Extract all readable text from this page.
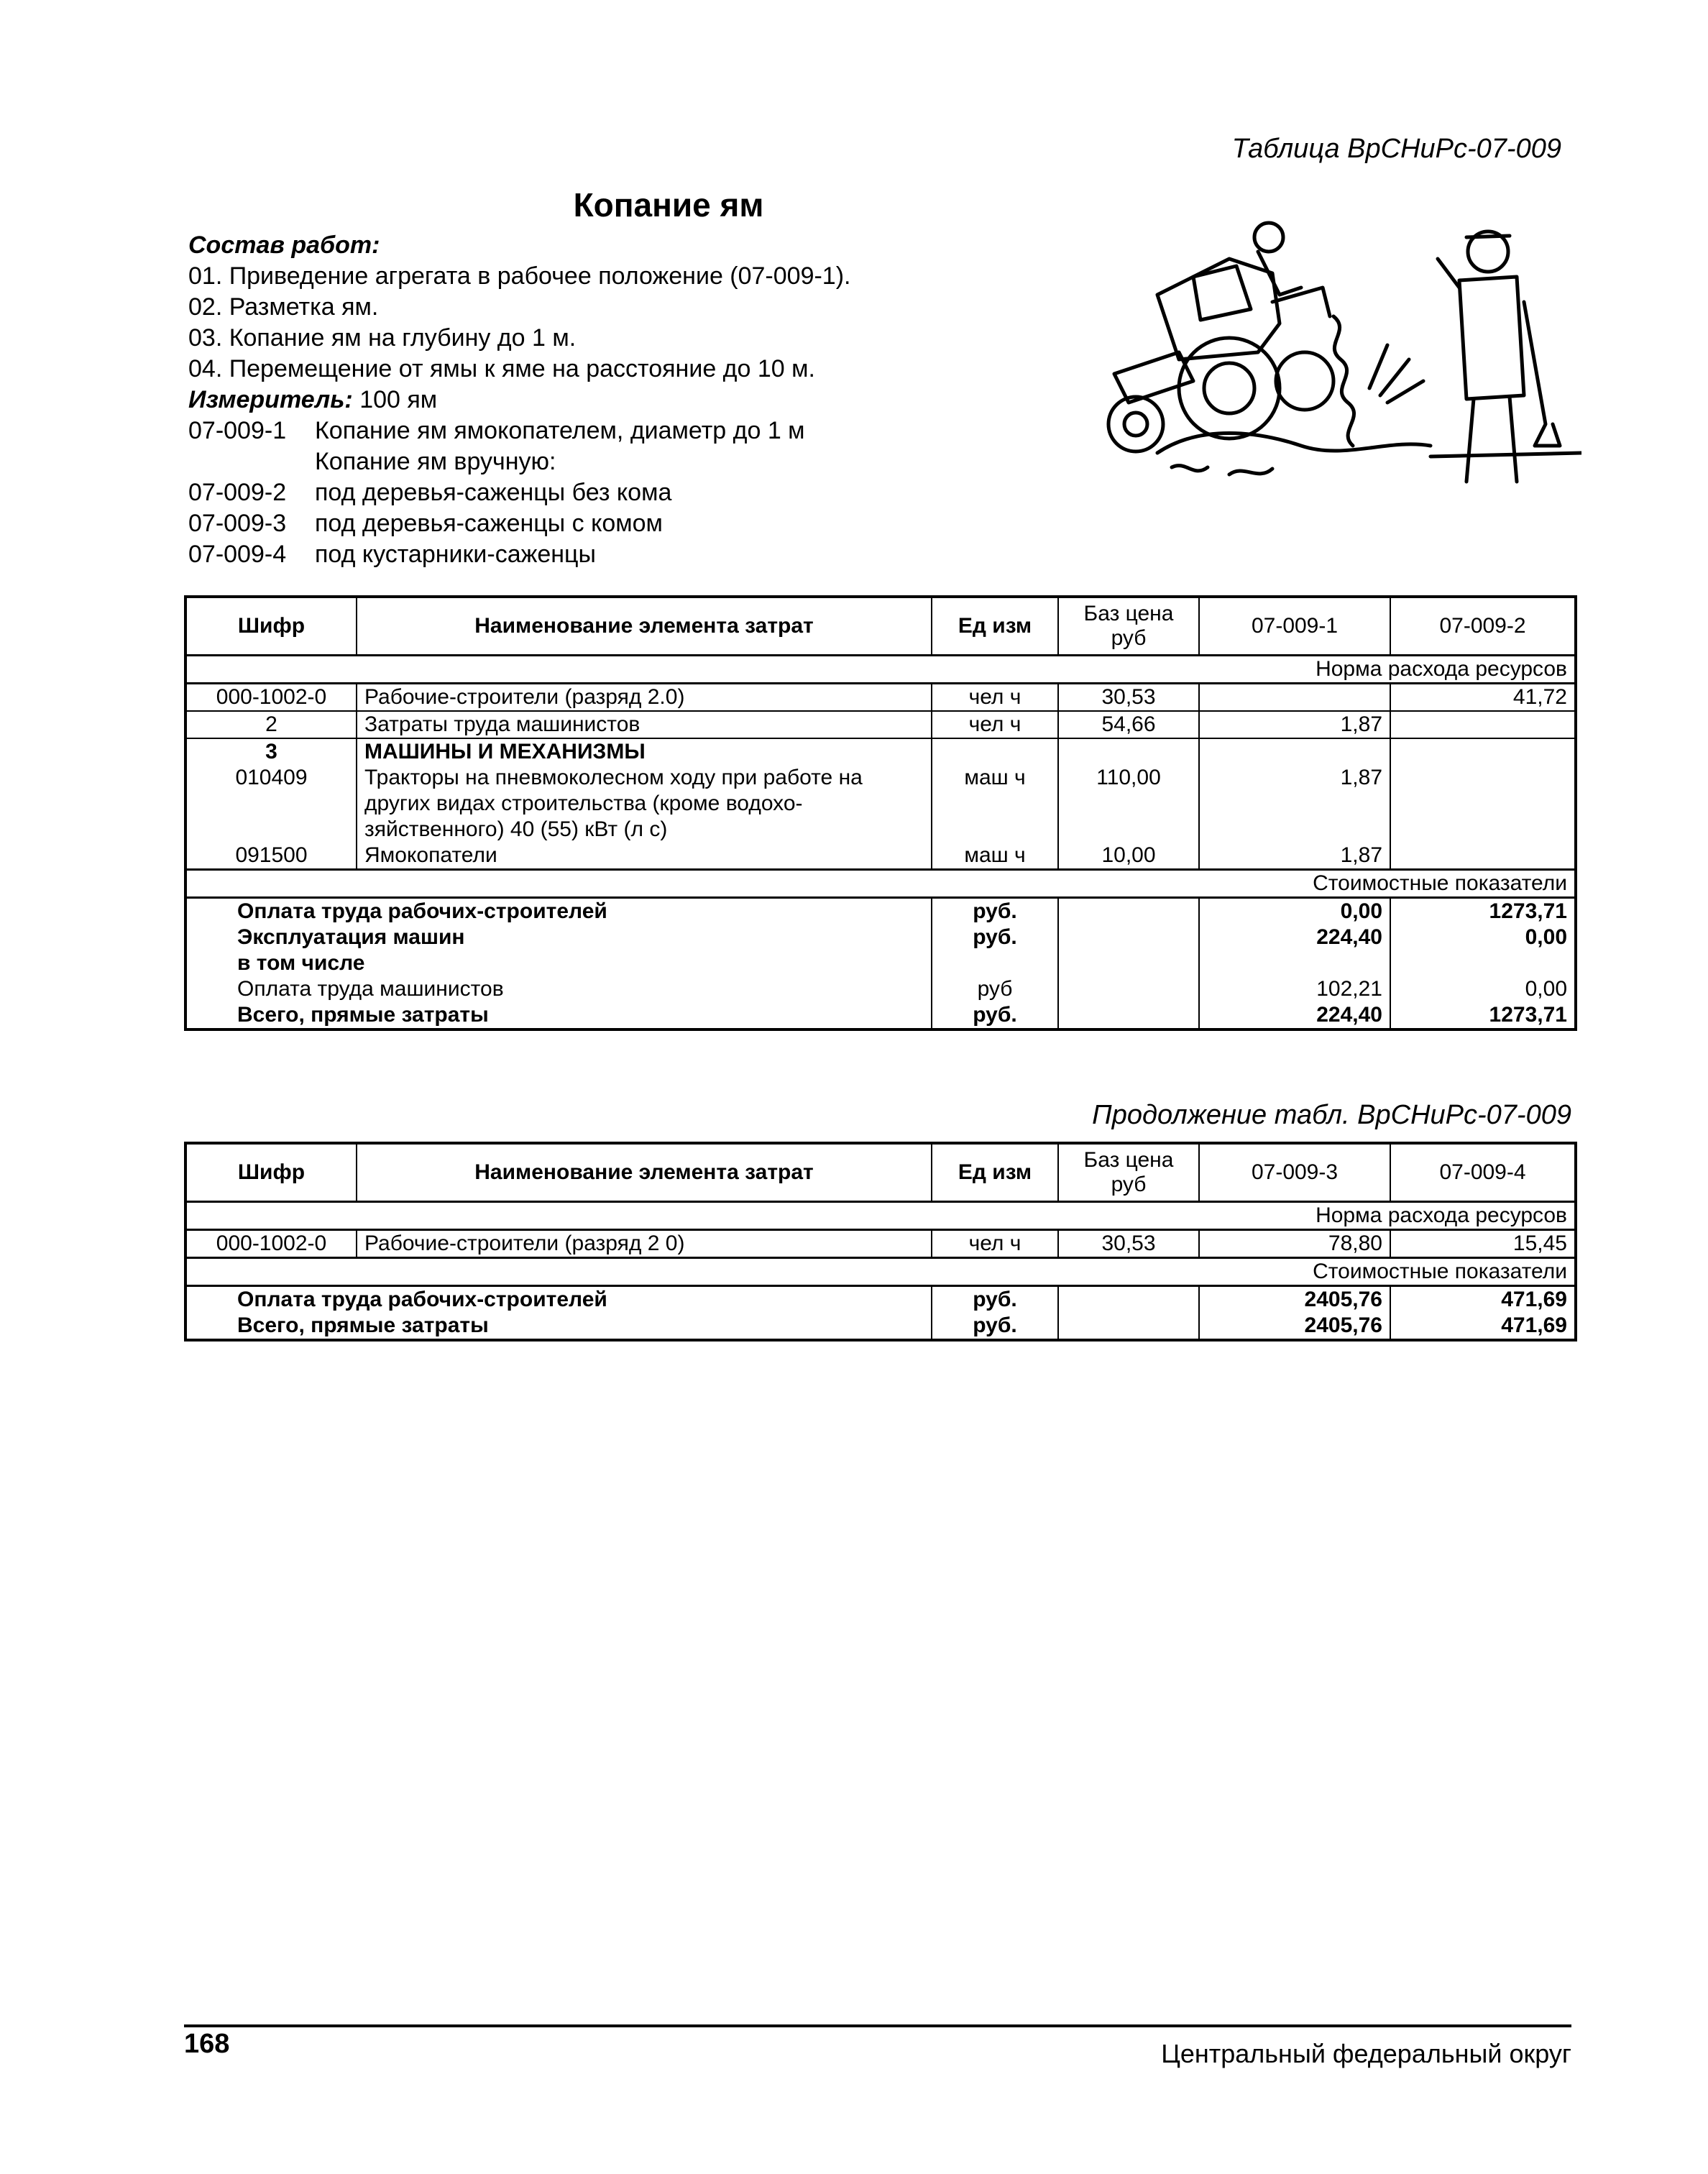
Таблица ВрСНиРс-07-009
Копание ям
Состав работ:
01. Приведение агрегата в рабочее положение (07-009-1).
02. Разметка ям.
03. Копание ям на глубину до 1 м.
04. Перемещение от ямы к яме на расстояние до 10 м.
Измеритель: 100 ям
07-009-1 Копание ям ямокопателем, диаметр до 1 м
Копание ям вручную:
07-009-2 под деревья-саженцы без кома
07-009-3 под деревья-саженцы с комом
07-009-4 под кустарники-саженцы
Шифр	Наименование элемента затрат	Ед изм	Баз цена руб	07-009-1	07-009-2
Норма расхода ресурсов					
000-1002-0	Рабочие-строители (разряд 2.0)	чел ч	30,53		41,72
2	Затраты труда машинистов	чел ч	54,66	1,87	
3	МАШИНЫ И МЕХАНИЗМЫ				
010409	Тракторы на пневмоколесном ходу при работе на других видах строительства (кроме водохо-зяйственного) 40 (55) кВт (л с)	маш ч	110,00	1,87	
091500	Ямокопатели	маш ч	10,00	1,87	
Стоимостные показатели					
Оплата труда рабочих-строителей		руб.		0,00	1273,71
Эксплуатация машин		руб.		224,40	0,00
в том числе					
Оплата труда машинистов		руб		102,21	0,00
Всего, прямые затраты		руб.		224,40	1273,71
Продолжение табл. ВрСНиРс-07-009
Шифр	Наименование элемента затрат	Ед изм	Баз цена руб	07-009-3	07-009-4
Норма расхода ресурсов					
000-1002-0	Рабочие-строители (разряд 2 0)	чел ч	30,53	78,80	15,45
Стоимостные показатели					
Оплата труда рабочих-строителей		руб.		2405,76	471,69
Всего, прямые затраты		руб.		2405,76	471,69
168	Центральный федеральный округ
